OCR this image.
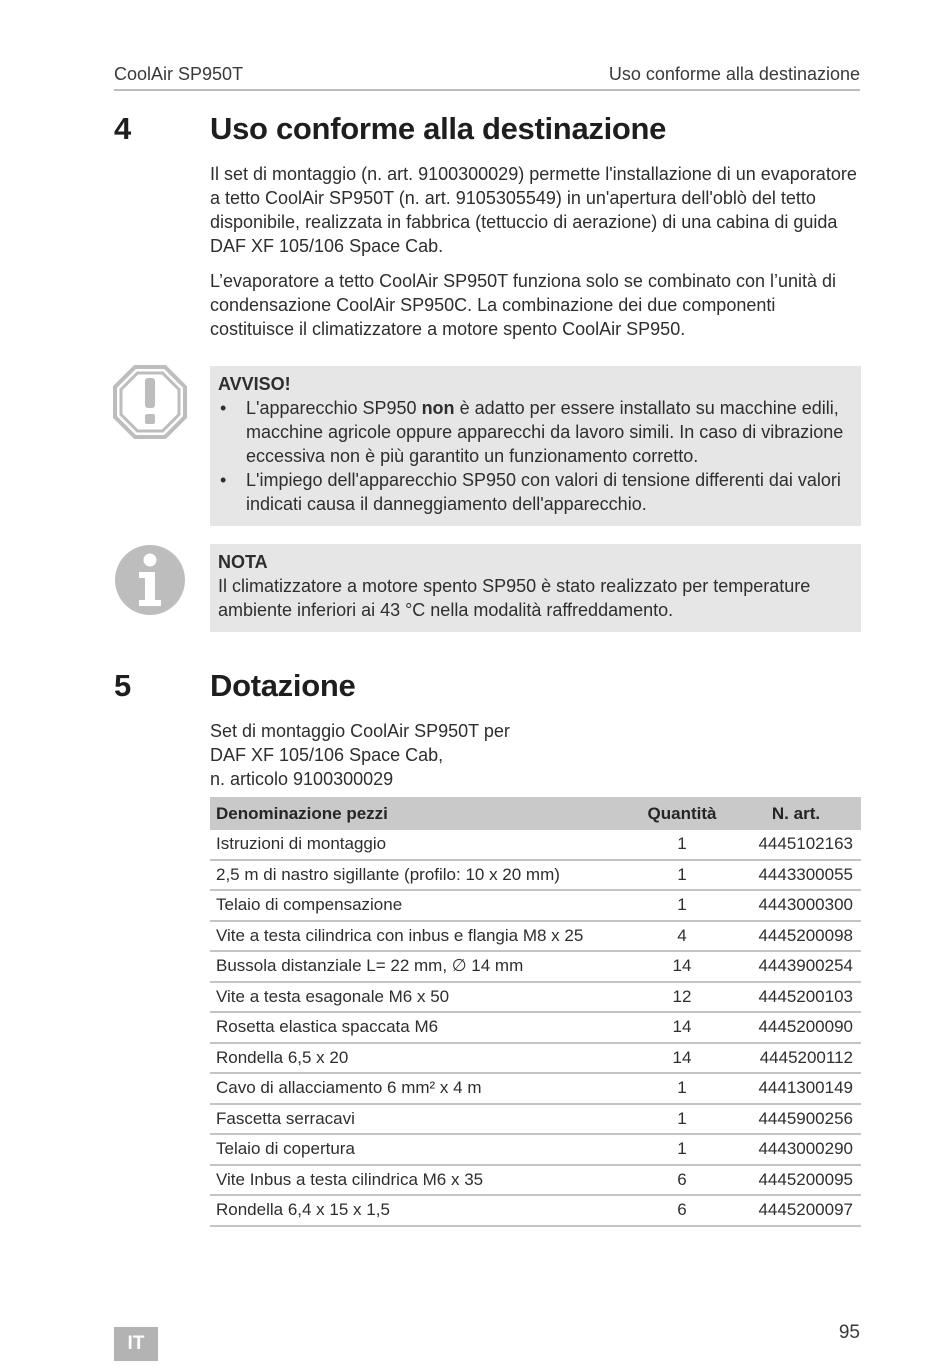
CoolAir SP950T	Uso conforme alla destinazione
4	Uso conforme alla destinazione

Il set di montaggio (n. art. 9100300029) permette l'installazione di un evaporatore a tetto CoolAir SP950T (n. art. 9105305549) in un'apertura dell'oblò del tetto disponibile, realizzata in fabbrica (tettuccio di aerazione) di una cabina di guida DAF XF 105/106 Space Cab.

L’evaporatore a tetto CoolAir SP950T funziona solo se combinato con l’unità di condensazione CoolAir SP950C. La combinazione dei due componenti costituisce il climatizzatore a motore spento CoolAir SP950.

AVVISO!
• L'apparecchio SP950 non è adatto per essere installato su macchine edili, macchine agricole oppure apparecchi da lavoro simili. In caso di vibrazione eccessiva non è più garantito un funzionamento corretto.
• L'impiego dell'apparecchio SP950 con valori di tensione differenti dai valori indicati causa il danneggiamento dell'apparecchio.
NOTA
Il climatizzatore a motore spento SP950 è stato realizzato per temperature ambiente inferiori ai 43 °C nella modalità raffreddamento.
5	Dotazione
Set di montaggio CoolAir SP950T per
DAF XF 105/106 Space Cab,
n. articolo 9100300029
Denominazione pezzi	Quantità	N. art.
Istruzioni di montaggio	1	4445102163
2,5 m di nastro sigillante (profilo: 10 x 20 mm)	1	4443300055
Telaio di compensazione	1	4443000300
Vite a testa cilindrica con inbus e flangia M8 x 25	4	4445200098
Bussola distanziale L= 22 mm, ∅ 14 mm	14	4443900254
Vite a testa esagonale M6 x 50	12	4445200103
Rosetta elastica spaccata M6	14	4445200090
Rondella 6,5 x 20	14	4445200112
Cavo di allacciamento 6 mm² x 4 m	1	4441300149
Fascetta serracavi	1	4445900256
Telaio di copertura	1	4443000290
Vite Inbus a testa cilindrica M6 x 35	6	4445200095
Rondella 6,4 x 15 x 1,5	6	4445200097
IT
95
